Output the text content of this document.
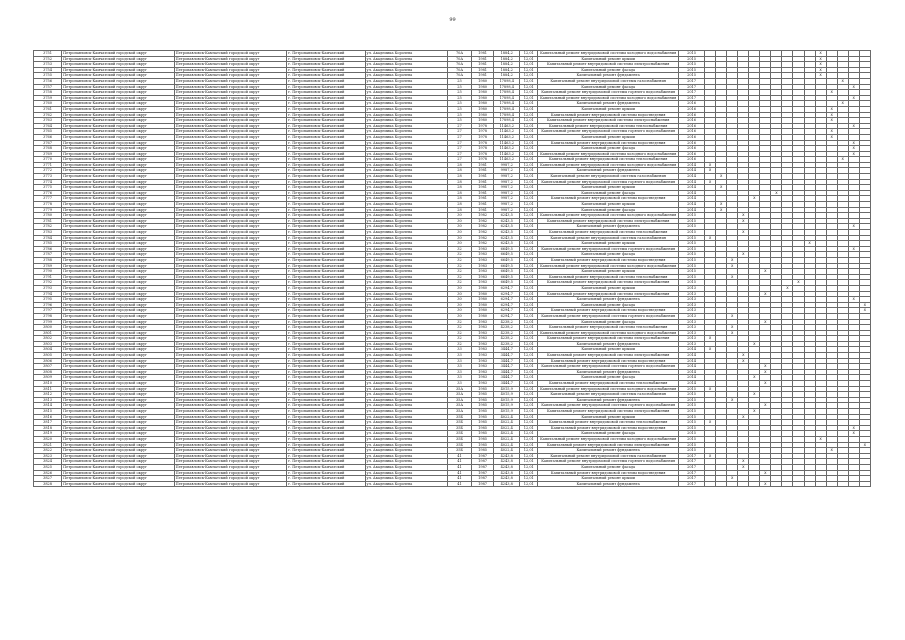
99
3751	Петропавловск-Камчатский городской округ	Петропавловск-Камчатский городской округ	г. Петропавловск-Камчатский	ул. Академика Королева	70А	1981	1884,2	12,01	Капитальный ремонт внутридомовой системы холодного водоснабжения	2015											X				
3752	Петропавловск-Камчатский городской округ	Петропавловск-Камчатский городской округ	г. Петропавловск-Камчатский	ул. Академика Королева	70А	1981	1884,2	12,01	Капитальный ремонт крыши	2015											X				
3753	Петропавловск-Камчатский городской округ	Петропавловск-Камчатский городской округ	г. Петропавловск-Камчатский	ул. Академика Королева	70А	1981	1884,2	12,01	Капитальный ремонт внутридомовой системы электроснабжения	2015											X				
3754	Петропавловск-Камчатский городской округ	Петропавловск-Камчатский городской округ	г. Петропавловск-Камчатский	ул. Академика Королева	70А	1981	1884,2	12,01	Капитальный ремонт фасада	2015											X				
3755	Петропавловск-Камчатский городской округ	Петропавловск-Камчатский городской округ	г. Петропавловск-Камчатский	ул. Академика Королева	70А	1981	1884,2	12,01	Капитальный ремонт фундамента	2015											X				
3756	Петропавловск-Камчатский городской округ	Петропавловск-Камчатский городской округ	г. Петропавловск-Камчатский	ул. Академика Королева	25	1980	17898,4	12,01	Капитальный ремонт внутридомовой системы газоснабжения	2017													X		
3757	Петропавловск-Камчатский городской округ	Петропавловск-Камчатский городской округ	г. Петропавловск-Камчатский	ул. Академика Королева	25	1980	17898,4	12,01	Капитальный ремонт фасада	2017														X	
3758	Петропавловск-Камчатский городской округ	Петропавловск-Камчатский городской округ	г. Петропавловск-Камчатский	ул. Академика Королева	25	1980	17898,4	12,01	Капитальный ремонт внутридомовой системы горячего водоснабжения	2017												X			
3759	Петропавловск-Камчатский городской округ	Петропавловск-Камчатский городской округ	г. Петропавловск-Камчатский	ул. Академика Королева	25	1980	17898,4	12,01	Капитальный ремонт внутридомовой системы холодного водоснабжения	2017														X	
3760	Петропавловск-Камчатский городской округ	Петропавловск-Камчатский городской округ	г. Петропавловск-Камчатский	ул. Академика Королева	25	1980	17898,4	12,01	Капитальный ремонт фундамента	2016													X		
3761	Петропавловск-Камчатский городской округ	Петропавловск-Камчатский городской округ	г. Петропавловск-Камчатский	ул. Академика Королева	25	1980	17898,4	12,01	Капитальный ремонт крыши	2016												X			
3762	Петропавловск-Камчатский городской округ	Петропавловск-Камчатский городской округ	г. Петропавловск-Камчатский	ул. Академика Королева	25	1980	17898,4	12,01	Капитальный ремонт внутридомовой системы водоотведения	2016												X			
3763	Петропавловск-Камчатский городской округ	Петропавловск-Камчатский городской округ	г. Петропавловск-Камчатский	ул. Академика Королева	25	1980	17898,4	12,01	Капитальный ремонт внутридомовой системы электроснабжения	2016												X			
3764	Петропавловск-Камчатский городской округ	Петропавловск-Камчатский городской округ	г. Петропавловск-Камчатский	ул. Академика Королева	27	1978	11463,2	12,01	Капитальный ремонт внутридомовой системы теплоснабжения	2016														X	
3765	Петропавловск-Камчатский городской округ	Петропавловск-Камчатский городской округ	г. Петропавловск-Камчатский	ул. Академика Королева	27	1978	11463,2	12,01	Капитальный ремонт внутридомовой системы горячего водоснабжения	2016												X			
3766	Петропавловск-Камчатский городской округ	Петропавловск-Камчатский городской округ	г. Петропавловск-Камчатский	ул. Академика Королева	27	1978	11463,2	12,01	Капитальный ремонт крыши	2016												X			
3767	Петропавловск-Камчатский городской округ	Петропавловск-Камчатский городской округ	г. Петропавловск-Камчатский	ул. Академика Королева	27	1978	11463,2	12,01	Капитальный ремонт внутридомовой системы водоотведения	2016														X	
3768	Петропавловск-Камчатский городской округ	Петропавловск-Камчатский городской округ	г. Петропавловск-Камчатский	ул. Академика Королева	27	1978	11463,2	12,01	Капитальный ремонт фасада	2016														X	
3769	Петропавловск-Камчатский городской округ	Петропавловск-Камчатский городской округ	г. Петропавловск-Камчатский	ул. Академика Королева	27	1978	11463,2	12,01	Капитальный ремонт внутридомовой системы холодного водоснабжения	2016														X	
3770	Петропавловск-Камчатский городской округ	Петропавловск-Камчатский городской округ	г. Петропавловск-Камчатский	ул. Академика Королева	27	1978	11463,2	12,01	Капитальный ремонт внутридомовой системы теплоснабжения	2016													X		
3771	Петропавловск-Камчатский городской округ	Петропавловск-Камчатский городской округ	г. Петропавловск-Камчатский	ул. Академика Королева	28	1981	9987,2	12,01	Капитальный ремонт внутридомовой системы холодного водоснабжения	2014	X														
3772	Петропавловск-Камчатский городской округ	Петропавловск-Камчатский городской округ	г. Петропавловск-Камчатский	ул. Академика Королева	28	1981	9987,2	12,01	Капитальный ремонт фундамента	2014	X														
3773	Петропавловск-Камчатский городской округ	Петропавловск-Камчатский городской округ	г. Петропавловск-Камчатский	ул. Академика Королева	28	1981	9987,2	12,01	Капитальный ремонт внутридомовой системы газоснабжения	2014		X													
3774	Петропавловск-Камчатский городской округ	Петропавловск-Камчатский городской округ	г. Петропавловск-Камчатский	ул. Академика Королева	28	1981	9987,2	12,01	Капитальный ремонт внутридомовой системы горячего водоснабжения	2014	X														
3775	Петропавловск-Камчатский городской округ	Петропавловск-Камчатский городской округ	г. Петропавловск-Камчатский	ул. Академика Королева	28	1981	9987,2	12,01	Капитальный ремонт крыши	2014		X													
3776	Петропавловск-Камчатский городской округ	Петропавловск-Камчатский городской округ	г. Петропавловск-Камчатский	ул. Академика Королева	28	1981	9987,2	12,01	Капитальный ремонт фасада	2014							X								
3777	Петропавловск-Камчатский городской округ	Петропавловск-Камчатский городской округ	г. Петропавловск-Камчатский	ул. Академика Королева	28	1981	9987,2	12,01	Капитальный ремонт внутридомовой системы водоотведения	2014					X										
3778	Петропавловск-Камчатский городской округ	Петропавловск-Камчатский городской округ	г. Петропавловск-Камчатский	ул. Академика Королева	28	1981	9987,2	12,01	Капитальный ремонт крыши	2014		X													
3779	Петропавловск-Камчатский городской округ	Петропавловск-Камчатский городской округ	г. Петропавловск-Камчатский	ул. Академика Королева	28	1981	9987,2	12,01	Капитальный ремонт фасада	2014		X													
3780	Петропавловск-Камчатский городской округ	Петропавловск-Камчатский городской округ	г. Петропавловск-Камчатский	ул. Академика Королева	30	1982	6243,5	12,01	Капитальный ремонт внутридомовой системы холодного водоснабжения	2015				X											
3781	Петропавловск-Камчатский городской округ	Петропавловск-Камчатский городской округ	г. Петропавловск-Камчатский	ул. Академика Королева	30	1982	6243,5	12,01	Капитальный ремонт внутридомовой системы электроснабжения	2015				X											
3782	Петропавловск-Камчатский городской округ	Петропавловск-Камчатский городской округ	г. Петропавловск-Камчатский	ул. Академика Королева	30	1982	6243,5	12,01	Капитальный ремонт фундамента	2015														X	
3783	Петропавловск-Камчатский городской округ	Петропавловск-Камчатский городской округ	г. Петропавловск-Камчатский	ул. Академика Королева	30	1982	6243,5	12,01	Капитальный ремонт внутридомовой системы теплоснабжения	2015				X											
3784	Петропавловск-Камчатский городской округ	Петропавловск-Камчатский городской округ	г. Петропавловск-Камчатский	ул. Академика Королева	30	1982	6243,5	12,01	Капитальный ремонт внутридомовой системы газоснабжения	2015	X														
3785	Петропавловск-Камчатский городской округ	Петропавловск-Камчатский городской округ	г. Петропавловск-Камчатский	ул. Академика Королева	30	1982	6243,5	12,01	Капитальный ремонт крыши	2015										X					
3786	Петропавловск-Камчатский городской округ	Петропавловск-Камчатский городской округ	г. Петропавловск-Камчатский	ул. Академика Королева	32	1983	6649,5	12,01	Капитальный ремонт внутридомовой системы горячего водоснабжения	2015														X	
3787	Петропавловск-Камчатский городской округ	Петропавловск-Камчатский городской округ	г. Петропавловск-Камчатский	ул. Академика Королева	32	1983	6649,5	12,01	Капитальный ремонт фасада	2015				X											
3788	Петропавловск-Камчатский городской округ	Петропавловск-Камчатский городской округ	г. Петропавловск-Камчатский	ул. Академика Королева	32	1983	6649,5	12,01	Капитальный ремонт внутридомовой системы водоотведения	2015			X												
3789	Петропавловск-Камчатский городской округ	Петропавловск-Камчатский городской округ	г. Петропавловск-Камчатский	ул. Академика Королева	32	1983	6649,5	12,01	Капитальный ремонт внутридомовой системы холодного водоснабжения	2015			X												
3790	Петропавловск-Камчатский городской округ	Петропавловск-Камчатский городской округ	г. Петропавловск-Камчатский	ул. Академика Королева	32	1983	6649,5	12,01	Капитальный ремонт крыши	2015						X									
3791	Петропавловск-Камчатский городской округ	Петропавловск-Камчатский городской округ	г. Петропавловск-Камчатский	ул. Академика Королева	32	1983	6649,5	12,01	Капитальный ремонт внутридомовой системы теплоснабжения	2015			X												
3792	Петропавловск-Камчатский городской округ	Петропавловск-Камчатский городской округ	г. Петропавловск-Камчатский	ул. Академика Королева	32	1983	6649,5	12,01	Капитальный ремонт внутридомовой системы электроснабжения	2015									X						
3793	Петропавловск-Камчатский городской округ	Петропавловск-Камчатский городской округ	г. Петропавловск-Камчатский	ул. Академика Королева	30	1980	6294,7	12,01	Капитальный ремонт крыши	2013								X							
3794	Петропавловск-Камчатский городской округ	Петропавловск-Камчатский городской округ	г. Петропавловск-Камчатский	ул. Академика Королева	30	1980	6294,7	12,01	Капитальный ремонт внутридомовой системы электроснабжения	2013						X									
3795	Петропавловск-Камчатский городской округ	Петропавловск-Камчатский городской округ	г. Петропавловск-Камчатский	ул. Академика Королева	30	1980	6294,7	12,01	Капитальный ремонт фундамента	2013														X	
3796	Петропавловск-Камчатский городской округ	Петропавловск-Камчатский городской округ	г. Петропавловск-Камчатский	ул. Академика Королева	30	1980	6294,7	12,01	Капитальный ремонт фасада	2013															X
3797	Петропавловск-Камчатский городской округ	Петропавловск-Камчатский городской округ	г. Петропавловск-Камчатский	ул. Академика Королева	30	1980	6294,7	12,01	Капитальный ремонт внутридомовой системы водоотведения	2013															X
3798	Петропавловск-Камчатский городской округ	Петропавловск-Камчатский городской округ	г. Петропавловск-Камчатский	ул. Академика Королева	30	1980	6294,7	12,01	Капитальный ремонт внутридомовой системы горячего водоснабжения	2013			X												
3799	Петропавловск-Камчатский городской округ	Петропавловск-Камчатский городской округ	г. Петропавловск-Камчатский	ул. Академика Королева	32	1983	4238,2	12,01	Капитальный ремонт фасада	2013						X									
3800	Петропавловск-Камчатский городской округ	Петропавловск-Камчатский городской округ	г. Петропавловск-Камчатский	ул. Академика Королева	32	1983	4238,2	12,01	Капитальный ремонт внутридомовой системы теплоснабжения	2013			X												
3801	Петропавловск-Камчатский городской округ	Петропавловск-Камчатский городской округ	г. Петропавловск-Камчатский	ул. Академика Королева	32	1983	4238,2	12,01	Капитальный ремонт внутридомовой системы холодного водоснабжения	2013			X												
3802	Петропавловск-Камчатский городской округ	Петропавловск-Камчатский городской округ	г. Петропавловск-Камчатский	ул. Академика Королева	32	1983	4238,2	12,01	Капитальный ремонт внутридомовой системы электроснабжения	2013	X														
3803	Петропавловск-Камчатский городской округ	Петропавловск-Камчатский городской округ	г. Петропавловск-Камчатский	ул. Академика Королева	32	1983	4238,2	12,01	Капитальный ремонт фундамента	2013					X										
3804	Петропавловск-Камчатский городской округ	Петропавловск-Камчатский городской округ	г. Петропавловск-Камчатский	ул. Академика Королева	33	1983	3444,7	12,01	Капитальный ремонт крыши	2014	X														
3805	Петропавловск-Камчатский городской округ	Петропавловск-Камчатский городской округ	г. Петропавловск-Камчатский	ул. Академика Королева	33	1983	3444,7	12,01	Капитальный ремонт внутридомовой системы электроснабжения	2014				X											
3806	Петропавловск-Камчатский городской округ	Петропавловск-Камчатский городской округ	г. Петропавловск-Камчатский	ул. Академика Королева	33	1983	3444,7	12,01	Капитальный ремонт внутридомовой системы водоотведения	2014				X											
3807	Петропавловск-Камчатский городской округ	Петропавловск-Камчатский городской округ	г. Петропавловск-Камчатский	ул. Академика Королева	33	1983	3444,7	12,01	Капитальный ремонт внутридомовой системы горячего водоснабжения	2014						X									
3808	Петропавловск-Камчатский городской округ	Петропавловск-Камчатский городской округ	г. Петропавловск-Камчатский	ул. Академика Королева	33	1983	3444,7	12,01	Капитальный ремонт фундамента	2014						X									
3809	Петропавловск-Камчатский городской округ	Петропавловск-Камчатский городской округ	г. Петропавловск-Камчатский	ул. Академика Королева	33	1983	3444,7	12,01	Капитальный ремонт фасада	2014					X										
3810	Петропавловск-Камчатский городской округ	Петропавловск-Камчатский городской округ	г. Петропавловск-Камчатский	ул. Академика Королева	33	1983	3444,7	12,01	Капитальный ремонт внутридомовой системы теплоснабжения	2014						X									
3811	Петропавловск-Камчатский городской округ	Петропавловск-Камчатский городской округ	г. Петропавловск-Камчатский	ул. Академика Королева	35А	1985	4015,9	12,01	Капитальный ремонт внутридомовой системы холодного водоснабжения	2015	X														
3812	Петропавловск-Камчатский городской округ	Петропавловск-Камчатский городской округ	г. Петропавловск-Камчатский	ул. Академика Королева	35А	1985	4015,9	12,01	Капитальный ремонт внутридомовой системы газоснабжения	2015					X										
3813	Петропавловск-Камчатский городской округ	Петропавловск-Камчатский городской округ	г. Петропавловск-Камчатский	ул. Академика Королева	35А	1985	4015,9	12,01	Капитальный ремонт фундамента	2015			X												
3814	Петропавловск-Камчатский городской округ	Петропавловск-Камчатский городской округ	г. Петропавловск-Камчатский	ул. Академика Королева	35А	1985	4015,9	12,01	Капитальный ремонт внутридомовой системы горячего водоснабжения	2015						X									
3815	Петропавловск-Камчатский городской округ	Петропавловск-Камчатский городской округ	г. Петропавловск-Камчатский	ул. Академика Королева	35А	1985	4015,9	12,01	Капитальный ремонт внутридомовой системы электроснабжения	2015					X										
3816	Петропавловск-Камчатский городской округ	Петропавловск-Камчатский городской округ	г. Петропавловск-Камчатский	ул. Академика Королева	35Б	1985	4022,4	12,01	Капитальный ремонт крыши	2015				X											
3817	Петропавловск-Камчатский городской округ	Петропавловск-Камчатский городской округ	г. Петропавловск-Камчатский	ул. Академика Королева	35Б	1985	4022,4	12,01	Капитальный ремонт внутридомовой системы теплоснабжения	2015	X														
3818	Петропавловск-Камчатский городской округ	Петропавловск-Камчатский городской округ	г. Петропавловск-Камчатский	ул. Академика Королева	35Б	1985	4022,4	12,01	Капитальный ремонт внутридомовой системы водоотведения	2015														X	
3819	Петропавловск-Камчатский городской округ	Петропавловск-Камчатский городской округ	г. Петропавловск-Камчатский	ул. Академика Королева	35Б	1985	4022,4	12,01	Капитальный ремонт фасада	2015														X	
3820	Петропавловск-Камчатский городской округ	Петропавловск-Камчатский городской округ	г. Петропавловск-Камчатский	ул. Академика Королева	35Б	1985	4022,4	12,01	Капитальный ремонт внутридомовой системы холодного водоснабжения	2015											X				
3821	Петропавловск-Камчатский городской округ	Петропавловск-Камчатский городской округ	г. Петропавловск-Камчатский	ул. Академика Королева	35Б	1985	4022,4	12,01	Капитальный ремонт внутридомовой системы электроснабжения	2015															X
3822	Петропавловск-Камчатский городской округ	Петропавловск-Камчатский городской округ	г. Петропавловск-Камчатский	ул. Академика Королева	35Б	1985	4022,4	12,01	Капитальный ремонт фундамента	2015												X			
3823	Петропавловск-Камчатский городской округ	Петропавловск-Камчатский городской округ	г. Петропавловск-Камчатский	ул. Академика Королева	41	1987	4243,8	12,01	Капитальный ремонт внутридомовой системы газоснабжения	2017	X														
3824	Петропавловск-Камчатский городской округ	Петропавловск-Камчатский городской округ	г. Петропавловск-Камчатский	ул. Академика Королева	41	1987	4243,8	12,01	Капитальный ремонт внутридомовой системы горячего водоснабжения	2017				X											
3825	Петропавловск-Камчатский городской округ	Петропавловск-Камчатский городской округ	г. Петропавловск-Камчатский	ул. Академика Королева	41	1987	4243,8	12,01	Капитальный ремонт фасада	2017				X											
3826	Петропавловск-Камчатский городской округ	Петропавловск-Камчатский городской округ	г. Петропавловск-Камчатский	ул. Академика Королева	41	1987	4243,8	12,01	Капитальный ремонт внутридомовой системы водоотведения	2017						X									
3827	Петропавловск-Камчатский городской округ	Петропавловск-Камчатский городской округ	г. Петропавловск-Камчатский	ул. Академика Королева	41	1987	4243,8	12,01	Капитальный ремонт крыши	2017			X												
3828	Петропавловск-Камчатский городской округ	Петропавловск-Камчатский городской округ	г. Петропавловск-Камчатский	ул. Академика Королева	41	1987	4243,8	12,01	Капитальный ремонт фундамента	2017						X									
